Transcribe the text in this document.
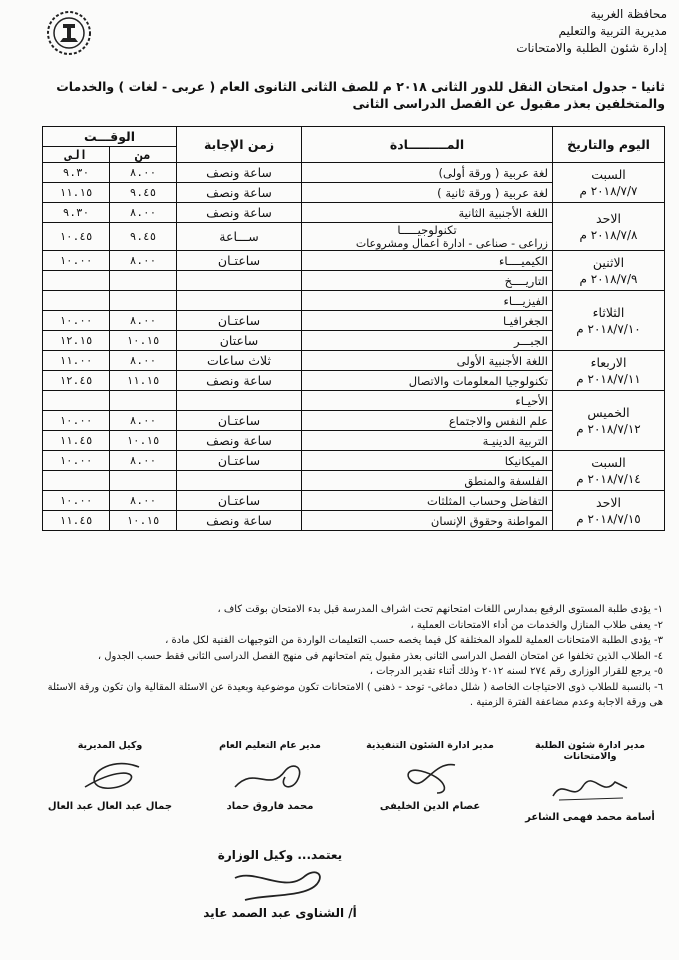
محافظة الغربية
مديرية التربية والتعليم
إدارة شئون الطلبة والامتحانات
ثانيا - جدول امتحان النقل للدور الثانى ٢٠١٨ م للصف الثانى الثانوى العام ( عربى - لغات ) والخدمات
والمتخلفين بعذر مقبول عن الفصل الدراسى الثانى
اليوم والتاريخ	المـــــــــادة	زمن الإجابة	الوقـــت	
			من	الى

السبت
٢٠١٨/٧/٧ م	لغة عربية ( ورقة أولى)	ساعة ونصف	٨.٠٠	٩.٣٠

	لغة عربية ( ورقة ثانية )	ساعة ونصف	٩.٤٥	١١.١٥

الاحد
٢٠١٨/٧/٨ م	اللغة الأجنبية الثانية	ساعة ونصف	٨.٠٠	٩.٣٠

	تكنولوجيـــــا
زراعى - صناعى - ادارة اعمال ومشروعات	ســـاعة	٩.٤٥	١٠.٤٥

الاثنين
٢٠١٨/٧/٩ م	الكيميــــاء	ساعتـان	٨.٠٠	١٠.٠٠

	التاريــــخ			

الثلاثاء
٢٠١٨/٧/١٠ م	الفيزيـــاء			

	الجغرافيـا	ساعتـان	٨.٠٠	١٠.٠٠

	الجبـــر	ساعتان	١٠.١٥	١٢.١٥

الاربعاء
٢٠١٨/٧/١١ م	اللغة الأجنبية الأولى	ثلاث ساعات	٨.٠٠	١١.٠٠

	تكنولوجيا المعلومات والاتصال	ساعة ونصف	١١.١٥	١٢.٤٥

الخميس
٢٠١٨/٧/١٢ م	الأحيـاء			

	علم النفس والاجتماع	ساعتـان	٨.٠٠	١٠.٠٠

	التربية الدينيـة	ساعة ونصف	١٠.١٥	١١.٤٥

السبت
٢٠١٨/٧/١٤ م	الميكانيكا	ساعتـان	٨.٠٠	١٠.٠٠

	الفلسفة والمنطق			

الاحد
٢٠١٨/٧/١٥ م	التفاضل وحساب المثلثات	ساعتـان	٨.٠٠	١٠.٠٠

	المواطنة وحقوق الإنسان	ساعة ونصف	١٠.١٥	١١.٤٥
١- يؤدى طلبة المستوى الرفيع بمدارس اللغات امتحانهم تحت اشراف المدرسة قبل بدء الامتحان بوقت كاف ،
٢- يعفى طلاب المنازل والخدمات من أداء الامتحانات العملية ،
٣- يؤدى الطلبة الامتحانات العملية للمواد المختلفة كل فيما يخصه حسب التعليمات الواردة من التوجيهات الفنية لكل مادة ،
٤- الطلاب الذين تخلفوا عن امتحان الفصل الدراسى الثانى بعذر مقبول يتم امتحانهم فى منهج الفصل الدراسى الثانى فقط حسب الجدول ،
٥- يرجع للقرار الوزارى رقم ٢٧٤ لسنه ٢٠١٢ وذلك أثناء تقدير الدرجات ،
٦- بالنسبة للطلاب ذوى الاحتياجات الخاصة ( شلل دماغى- توحد - ذهنى ) الامتحانات تكون موضوعية وبعيدة عن الاسئلة المقالية وان تكون ورقة الاسئلة
هى ورقة الاجابة وعدم مضاعفة الفترة الزمنية .
مدير ادارة شئون الطلبة والامتحانات
أسامة محمد فهمى الشاعر
مدير ادارة الشئون التنفيذية
عصام الدين الخليفى
مدير عام التعليم العام
محمد فاروق حماد
وكيل المديرية
جمال عبد العال عبد العال
يعتمد... وكيل الوزارة
أ/ الشناوى عبد الصمد عايد
